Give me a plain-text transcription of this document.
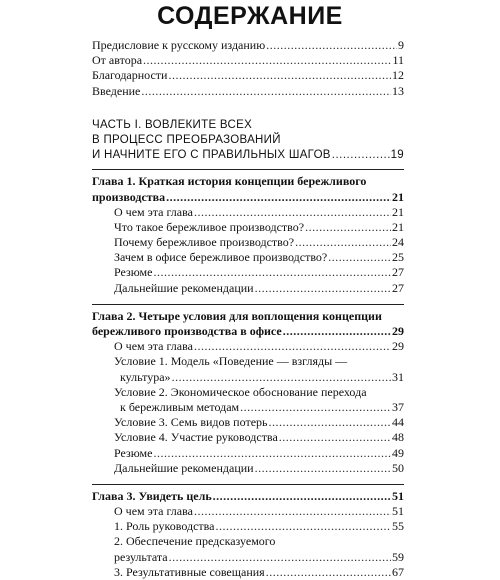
СОДЕРЖАНИЕ
Предисловие к русскому изданию .....	9
От автора .....	11
Благодарности .....	12
Введение .....	13
ЧАСТЬ I. ВОВЛЕКИТЕ ВСЕХ
В ПРОЦЕСС ПРЕОБРАЗОВАНИЙ
И НАЧНИТЕ ЕГО С ПРАВИЛЬНЫХ ШАГОВ .....	19
Глава 1. Краткая история концепции бережливого
производства .....	21
О чем эта глава .....	21
Что такое бережливое производство? .....	21
Почему бережливое производство? .....	24
Зачем в офисе бережливое производство? .....	25
Резюме .....	27
Дальнейшие рекомендации .....	27
Глава 2. Четыре условия для воплощения концепции
бережливого производства в офисе .....	29
О чем эта глава .....	29
Условие 1. Модель «Поведение — взгляды —
культура» .....	31
Условие 2. Экономическое обоснование перехода
к бережливым методам .....	37
Условие 3. Семь видов потерь .....	44
Условие 4. Участие руководства .....	48
Резюме .....	49
Дальнейшие рекомендации .....	50
Глава 3. Увидеть цель .....	51
О чем эта глава .....	51
1. Роль руководства .....	55
2. Обеспечение предсказуемого
результата .....	59
3. Результативные совещания .....	67
